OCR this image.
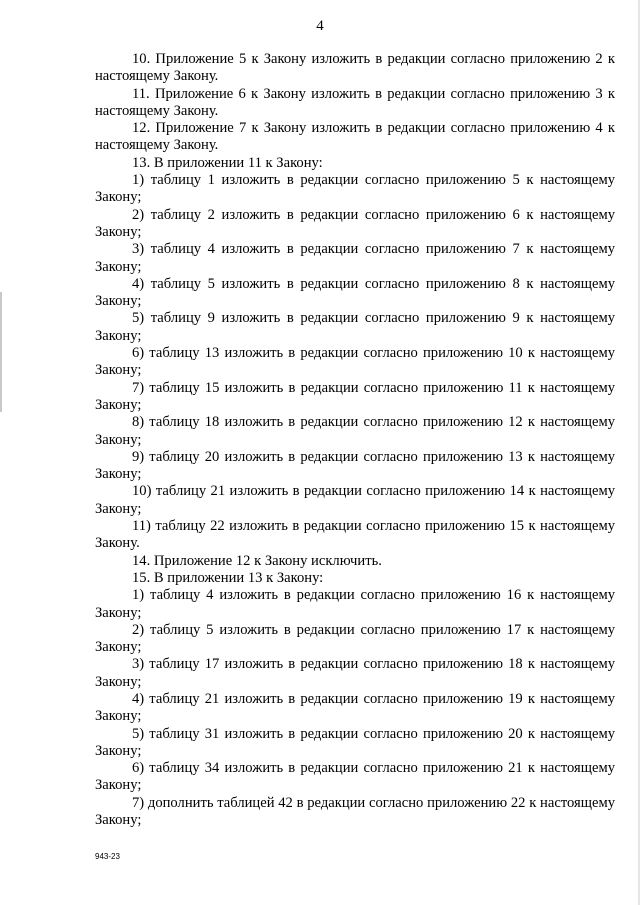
4

10. Приложение 5 к Закону изложить в редакции согласно приложению 2 к настоящему Закону.

11. Приложение 6 к Закону изложить в редакции согласно приложению 3 к настоящему Закону.

12. Приложение 7 к Закону изложить в редакции согласно приложению 4 к настоящему Закону.

13. В приложении 11 к Закону:

1) таблицу 1 изложить в редакции согласно приложению 5 к настоящему Закону;

2) таблицу 2 изложить в редакции согласно приложению 6 к настоящему Закону;

3) таблицу 4 изложить в редакции согласно приложению 7 к настоящему Закону;

4) таблицу 5 изложить в редакции согласно приложению 8 к настоящему Закону;

5) таблицу 9 изложить в редакции согласно приложению 9 к настоящему Закону;

6) таблицу 13 изложить в редакции согласно приложению 10 к настоящему Закону;

7) таблицу 15 изложить в редакции согласно приложению 11 к настоящему Закону;

8) таблицу 18 изложить в редакции согласно приложению 12 к настоящему Закону;

9) таблицу 20 изложить в редакции согласно приложению 13 к настоящему Закону;

10) таблицу 21 изложить в редакции согласно приложению 14 к настоящему Закону;

11) таблицу 22 изложить в редакции согласно приложению 15 к настоящему Закону.

14. Приложение 12 к Закону исключить.

15. В приложении 13 к Закону:

1) таблицу 4 изложить в редакции согласно приложению 16 к настоящему Закону;

2) таблицу 5 изложить в редакции согласно приложению 17 к настоящему Закону;

3) таблицу 17 изложить в редакции согласно приложению 18 к настоящему Закону;

4) таблицу 21 изложить в редакции согласно приложению 19 к настоящему Закону;

5) таблицу 31 изложить в редакции согласно приложению 20 к настоящему Закону;

6) таблицу 34 изложить в редакции согласно приложению 21 к настоящему Закону;

7) дополнить таблицей 42 в редакции согласно приложению 22 к настоящему Закону;

943-23
